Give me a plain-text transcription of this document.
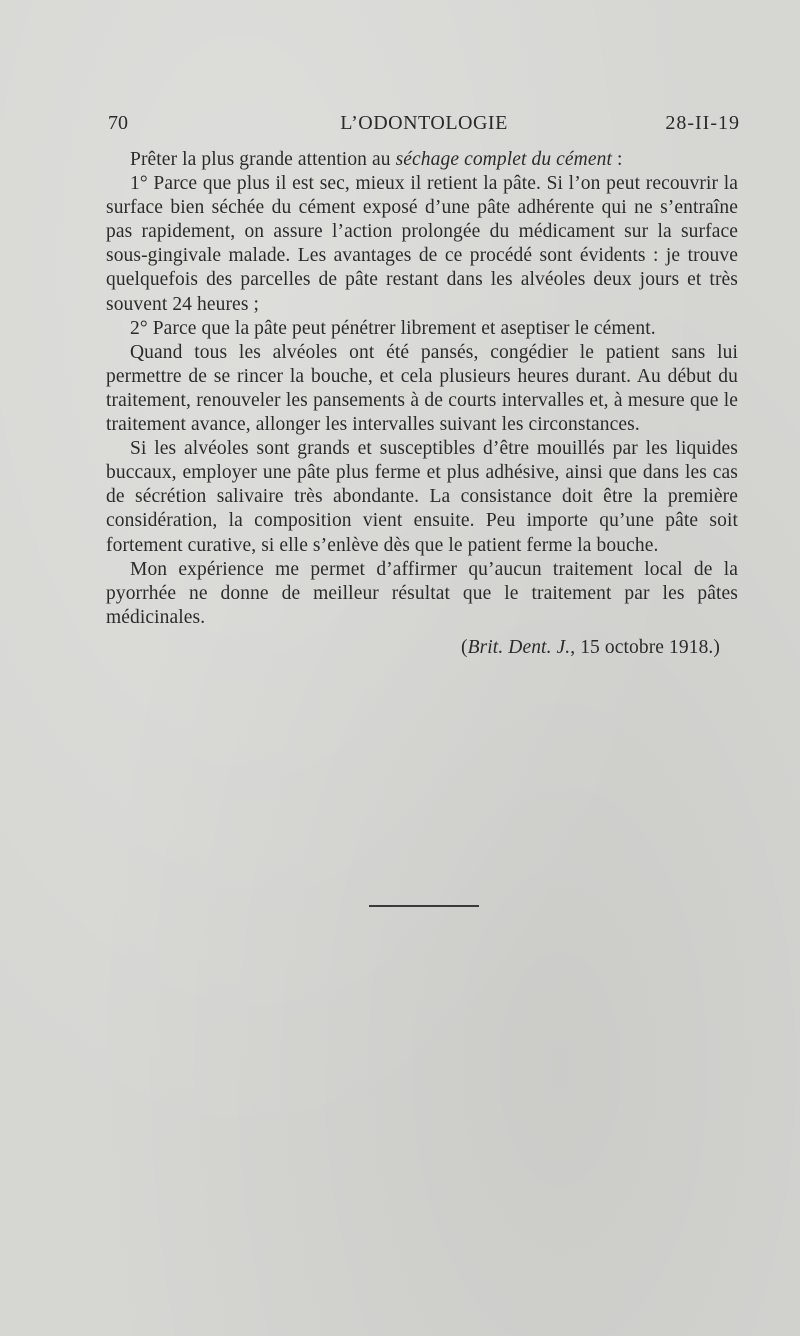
70	L’ODONTOLOGIE	28-II-19

Prêter la plus grande attention au séchage complet du cément :

1° Parce que plus il est sec, mieux il retient la pâte. Si l’on peut recouvrir la surface bien séchée du cément exposé d’une pâte adhérente qui ne s’entraîne pas rapidement, on assure l’action prolongée du médicament sur la surface sous-gingivale malade. Les avantages de ce procédé sont évidents : je trouve quelquefois des parcelles de pâte restant dans les alvéoles deux jours et très souvent 24 heures ;

2° Parce que la pâte peut pénétrer librement et aseptiser le cément.

Quand tous les alvéoles ont été pansés, congédier le patient sans lui permettre de se rincer la bouche, et cela plusieurs heures durant. Au début du traitement, renouveler les pansements à de courts intervalles et, à mesure que le traitement avance, allonger les intervalles suivant les circonstances.

Si les alvéoles sont grands et susceptibles d’être mouillés par les liquides buccaux, employer une pâte plus ferme et plus adhésive, ainsi que dans les cas de sécrétion salivaire très abondante. La consistance doit être la première considération, la composition vient ensuite. Peu importe qu’une pâte soit fortement curative, si elle s’enlève dès que le patient ferme la bouche.

Mon expérience me permet d’affirmer qu’aucun traitement local de la pyorrhée ne donne de meilleur résultat que le traitement par les pâtes médicinales.

(Brit. Dent. J., 15 octobre 1918.)
